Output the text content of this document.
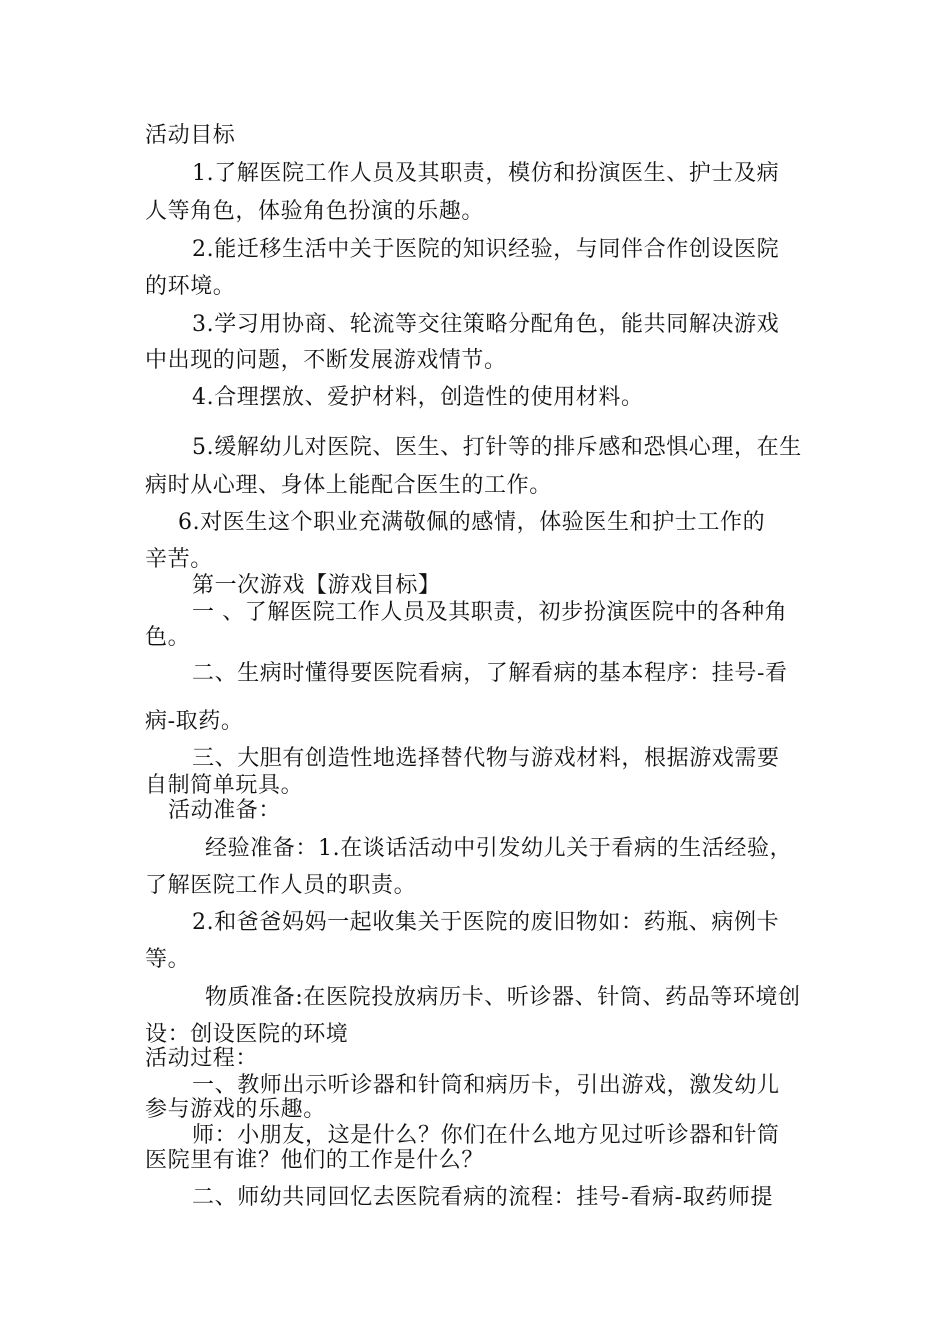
活动目标
1.了解医院工作人员及其职责，模仿和扮演医生、护士及病
人等角色，体验角色扮演的乐趣。
2.能迁移生活中关于医院的知识经验，与同伴合作创设医院
的环境。
3.学习用协商、轮流等交往策略分配角色，能共同解决游戏
中出现的问题，不断发展游戏情节。
4.合理摆放、爱护材料，创造性的使用材料。
5.缓解幼儿对医院、医生、打针等的排斥感和恐惧心理，在生
病时从心理、身体上能配合医生的工作。
6.对医生这个职业充满敬佩的感情，体验医生和护士工作的
辛苦。
第一次游戏【游戏目标】
一 、了解医院工作人员及其职责，初步扮演医院中的各种角
色。
二、生病时懂得要医院看病，了解看病的基本程序：挂号-看
病-取药。
三、大胆有创造性地选择替代物与游戏材料，根据游戏需要
自制简单玩具。
活动准备：
经验准备：1.在谈话活动中引发幼儿关于看病的生活经验，
了解医院工作人员的职责。
2.和爸爸妈妈一起收集关于医院的废旧物如：药瓶、病例卡
等。
物质准备:在医院投放病历卡、听诊器、针筒、药品等环境创
设：创设医院的环境
活动过程：
一、教师出示听诊器和针筒和病历卡，引出游戏，激发幼儿
参与游戏的乐趣。
师：小朋友，这是什么？你们在什么地方见过听诊器和针筒
医院里有谁？他们的工作是什么？
二、师幼共同回忆去医院看病的流程：挂号-看病-取药师提
